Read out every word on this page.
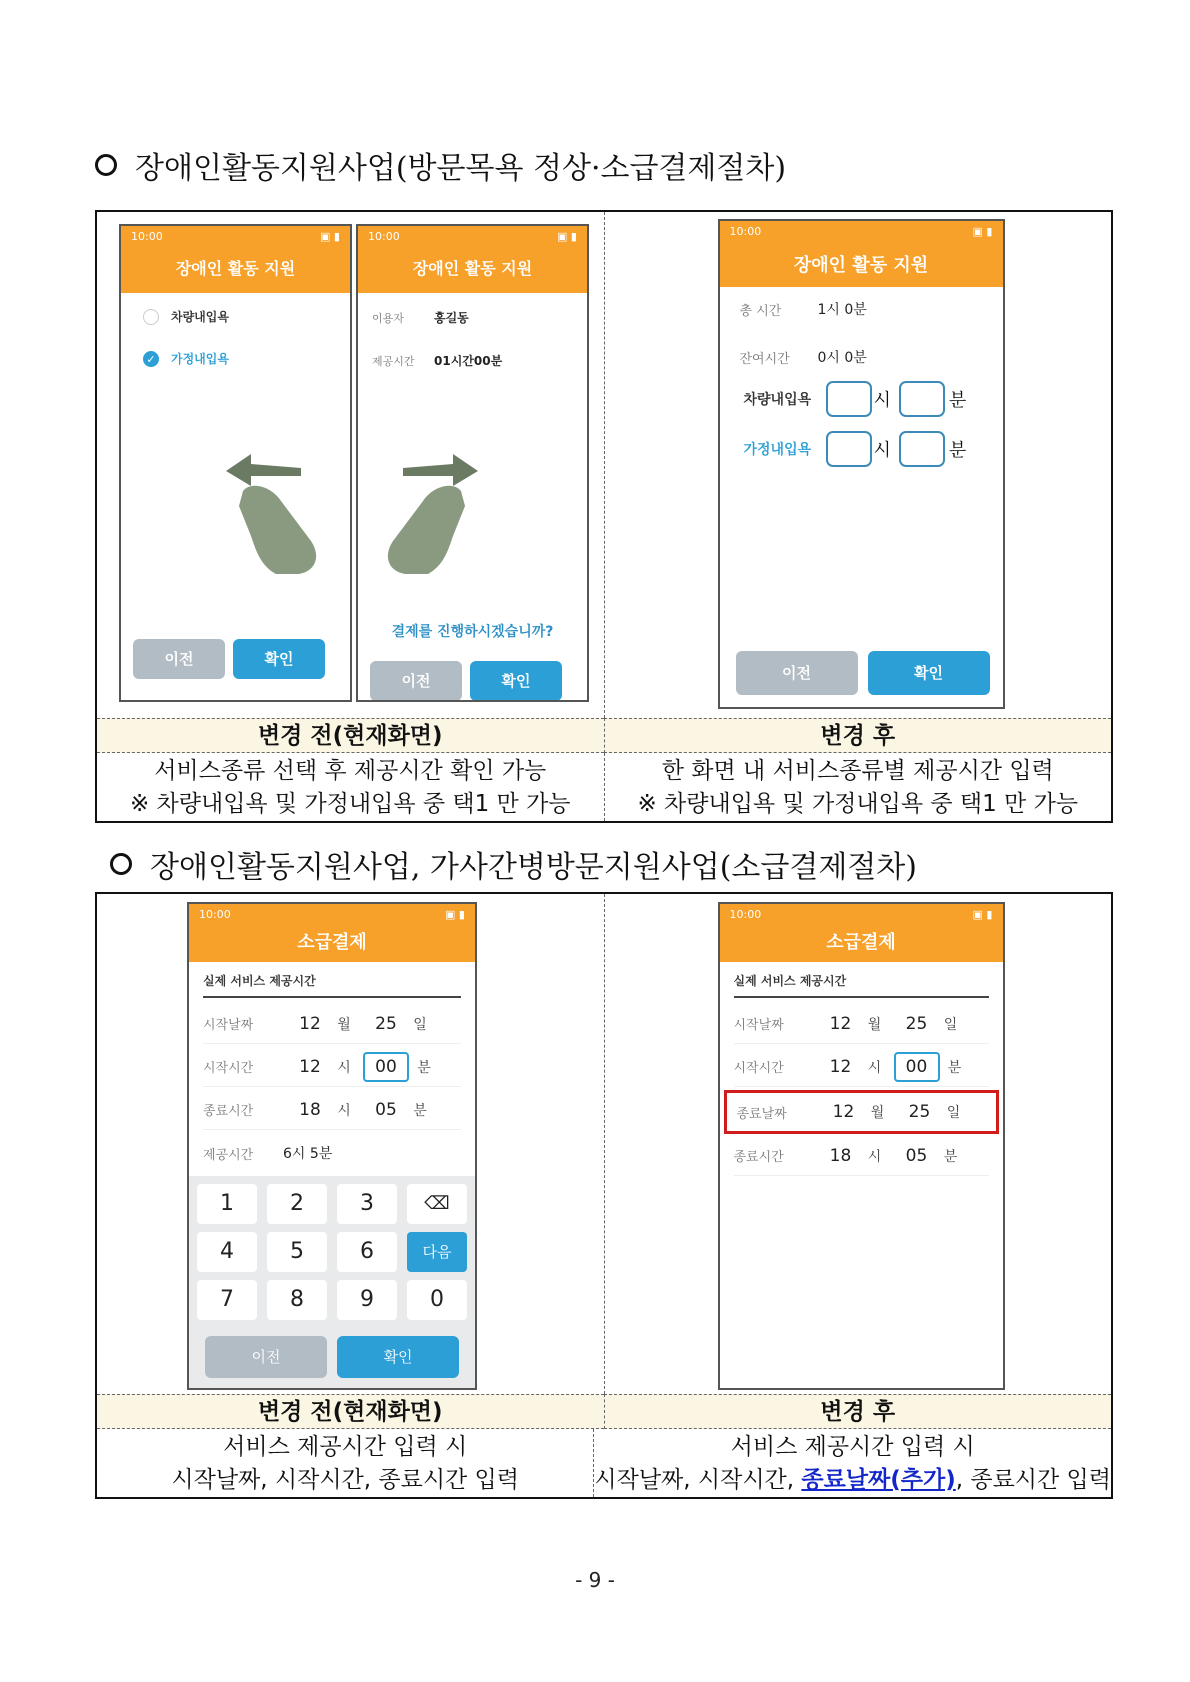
장애인활동지원사업(방문목욕 정상·소급결제절차)
10:00	▣ ▮
장애인 활동 지원
차량내입욕
✓ 가정내입욕
이전	확인
10:00	▣ ▮
장애인 활동 지원
이용자	홍길동
제공시간	01시간00분
결제를 진행하시겠습니까?
이전	확인
10:00	▣ ▮
장애인 활동 지원
총 시간	1시 0분
잔여시간	0시 0분
차량내입욕	시	분
가정내입욕	시	분
이전	확인
변경 전(현재화면)	변경 후
서비스종류 선택 후 제공시간 확인 가능
※ 차량내입욕 및 가정내입욕 중 택1 만 가능
한 화면 내 서비스종류별 제공시간 입력
※ 차량내입욕 및 가정내입욕 중 택1 만 가능
장애인활동지원사업, 가사간병방문지원사업(소급결제절차)
10:00	▣ ▮
소급결제
실제 서비스 제공시간
시작날짜	12	월	25	일
시작시간	12	시	00	분
종료시간	18	시	05	분
제공시간	6시 5분
1	2	3	⌫
4	5	6	다음
7	8	9	0
이전	확인
10:00	▣ ▮
소급결제
실제 서비스 제공시간
시작날짜	12	월	25	일
시작시간	12	시	00	분
종료날짜	12	월	25	일
종료시간	18	시	05	분
변경 전(현재화면)	변경 후
서비스 제공시간 입력 시
시작날짜, 시작시간, 종료시간 입력
서비스 제공시간 입력 시
시작날짜, 시작시간, 종료날짜(추가), 종료시간 입력
- 9 -
